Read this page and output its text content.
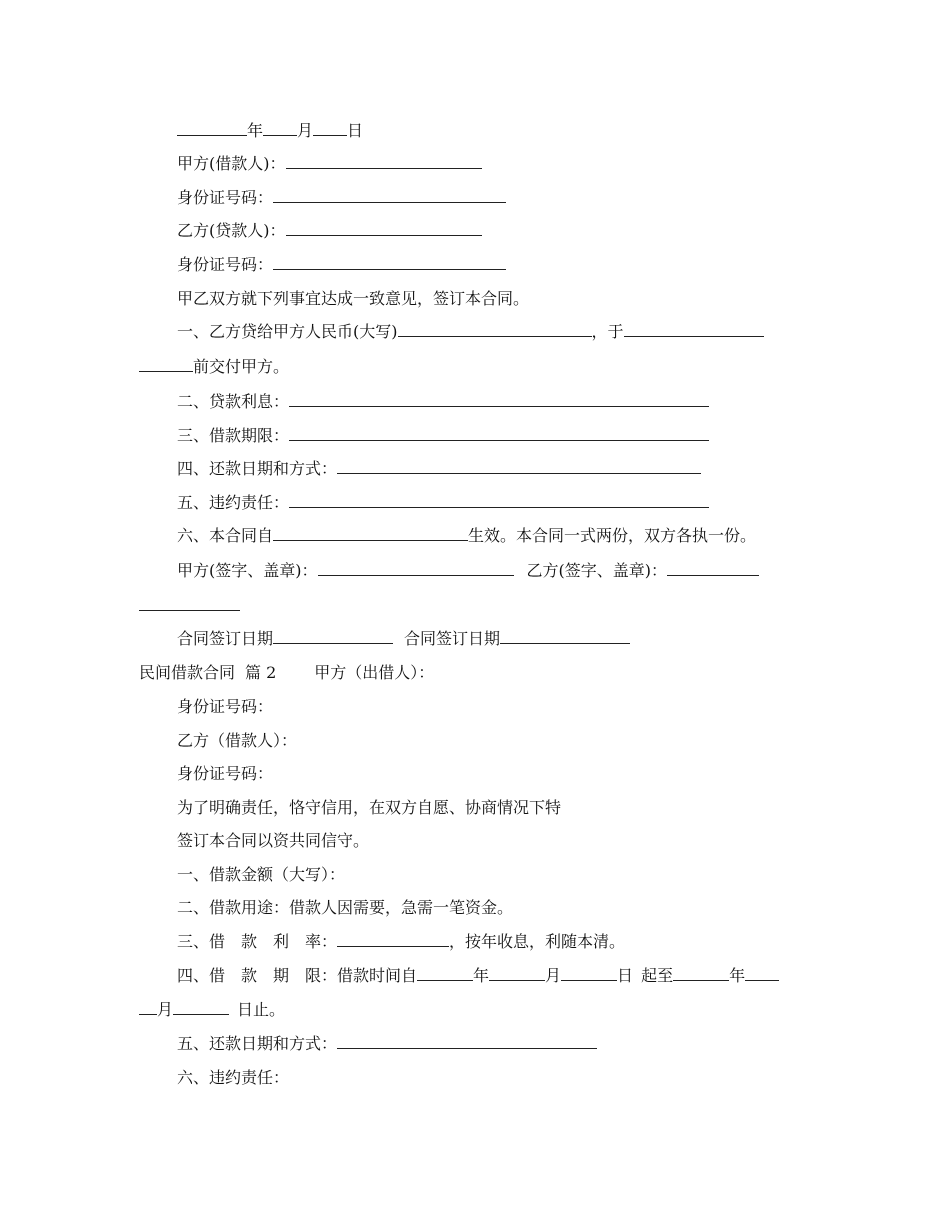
年 月 日
甲方(借款人)：
身份证号码：
乙方(贷款人)：
身份证号码：
甲乙双方就下列事宜达成一致意见，签订本合同。
一、乙方贷给甲方人民币(大写)	，于
前交付甲方。
二、贷款利息：
三、借款期限：
四、还款日期和方式：
五、违约责任：
六、本合同自	生效。本合同一式两份，双方各执一份。
甲方(签字、盖章)：	乙方(签字、盖章)：
合同签订日期	合同签订日期
民间借款合同 篇 2 甲方（出借人）：
身份证号码：
乙方（借款人）：
身份证号码：
为了明确责任，恪守信用，在双方自愿、协商情况下特
签订本合同以资共同信守。
一、借款金额（大写）：
二、借款用途：借款人因需要，急需一笔资金。
三、借　款　利　率：	，按年收息，利随本清。
四、借　款　期　限：借款时间自	年	月	日 起至	年
月	日止。
五、还款日期和方式：
六、违约责任：
